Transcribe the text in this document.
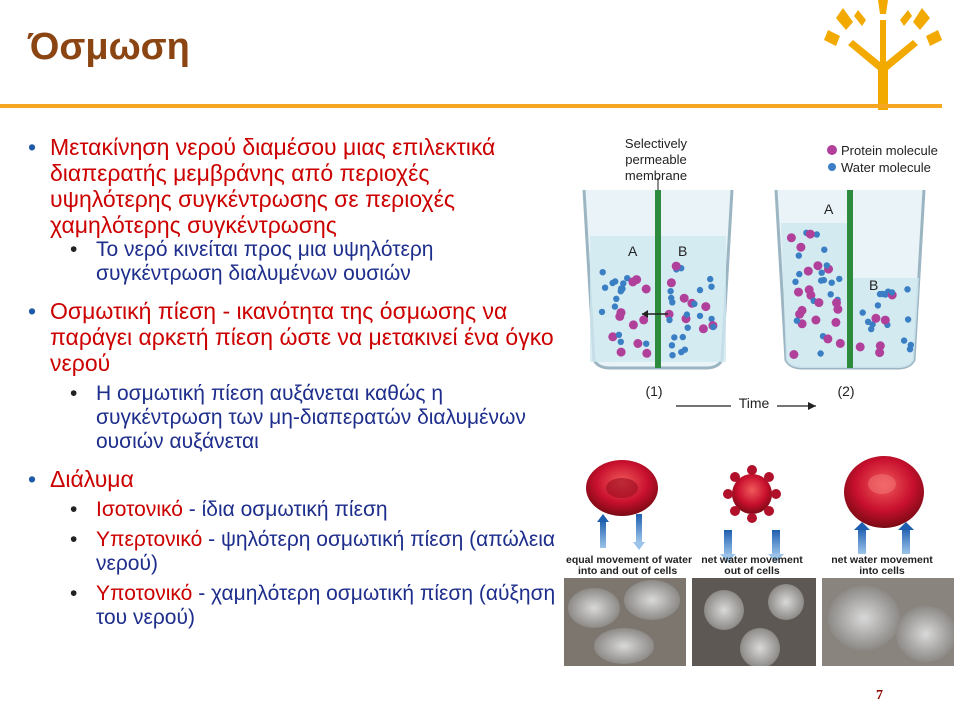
Όσμωση
• Μετακίνηση νερού διαμέσου μιας επιλεκτικά διαπερατής μεμβράνης από περιοχές υψηλότερης συγκέντρωσης σε περιοχές χαμηλότερης συγκέντρωσης
• Το νερό κινείται προς μια υψηλότερη συγκέντρωση διαλυμένων ουσιών
• Οσμωτική πίεση - ικανότητα της όσμωσης να παράγει αρκετή πίεση ώστε να μετακινεί ένα όγκο νερού
• Η οσμωτική πίεση αυξάνεται καθώς η συγκέντρωση των μη-διαπερατών διαλυμένων ουσιών αυξάνεται
• Διάλυμα
• Ισοτονικό - ίδια οσμωτική πίεση
• Υπερτονικό - ψηλότερη οσμωτική πίεση (απώλεια νερού)
• Υποτονικό - χαμηλότερη οσμωτική πίεση (αύξηση του νερού)
Selectively
permeable
membrane
Protein molecule
Water molecule
A	B
A
B
(1)	(2)
Time
equal movement of water
into and out of cells
net water movement
out of cells
net water movement
into cells
7
